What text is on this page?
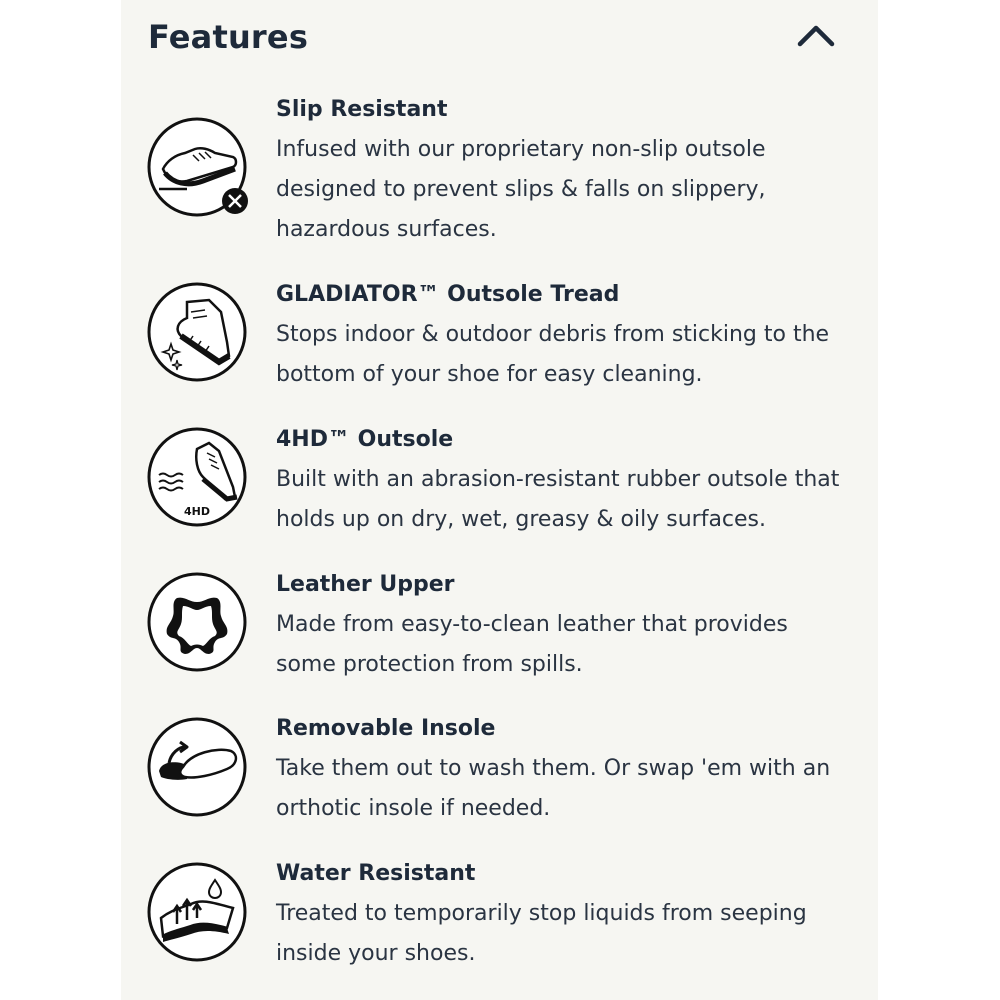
Features

Slip Resistant

Infused with our proprietary non-slip outsole
designed to prevent slips & falls on slippery,
hazardous surfaces.

GLADIATOR™ Outsole Tread

Stops indoor & outdoor debris from sticking to the
bottom of your shoe for easy cleaning.

4HD

4HD™ Outsole

Built with an abrasion-resistant rubber outsole that
holds up on dry, wet, greasy & oily surfaces.

Leather Upper

Made from easy-to-clean leather that provides
some protection from spills.

Removable Insole

Take them out to wash them. Or swap 'em with an
orthotic insole if needed.

Water Resistant

Treated to temporarily stop liquids from seeping
inside your shoes.
